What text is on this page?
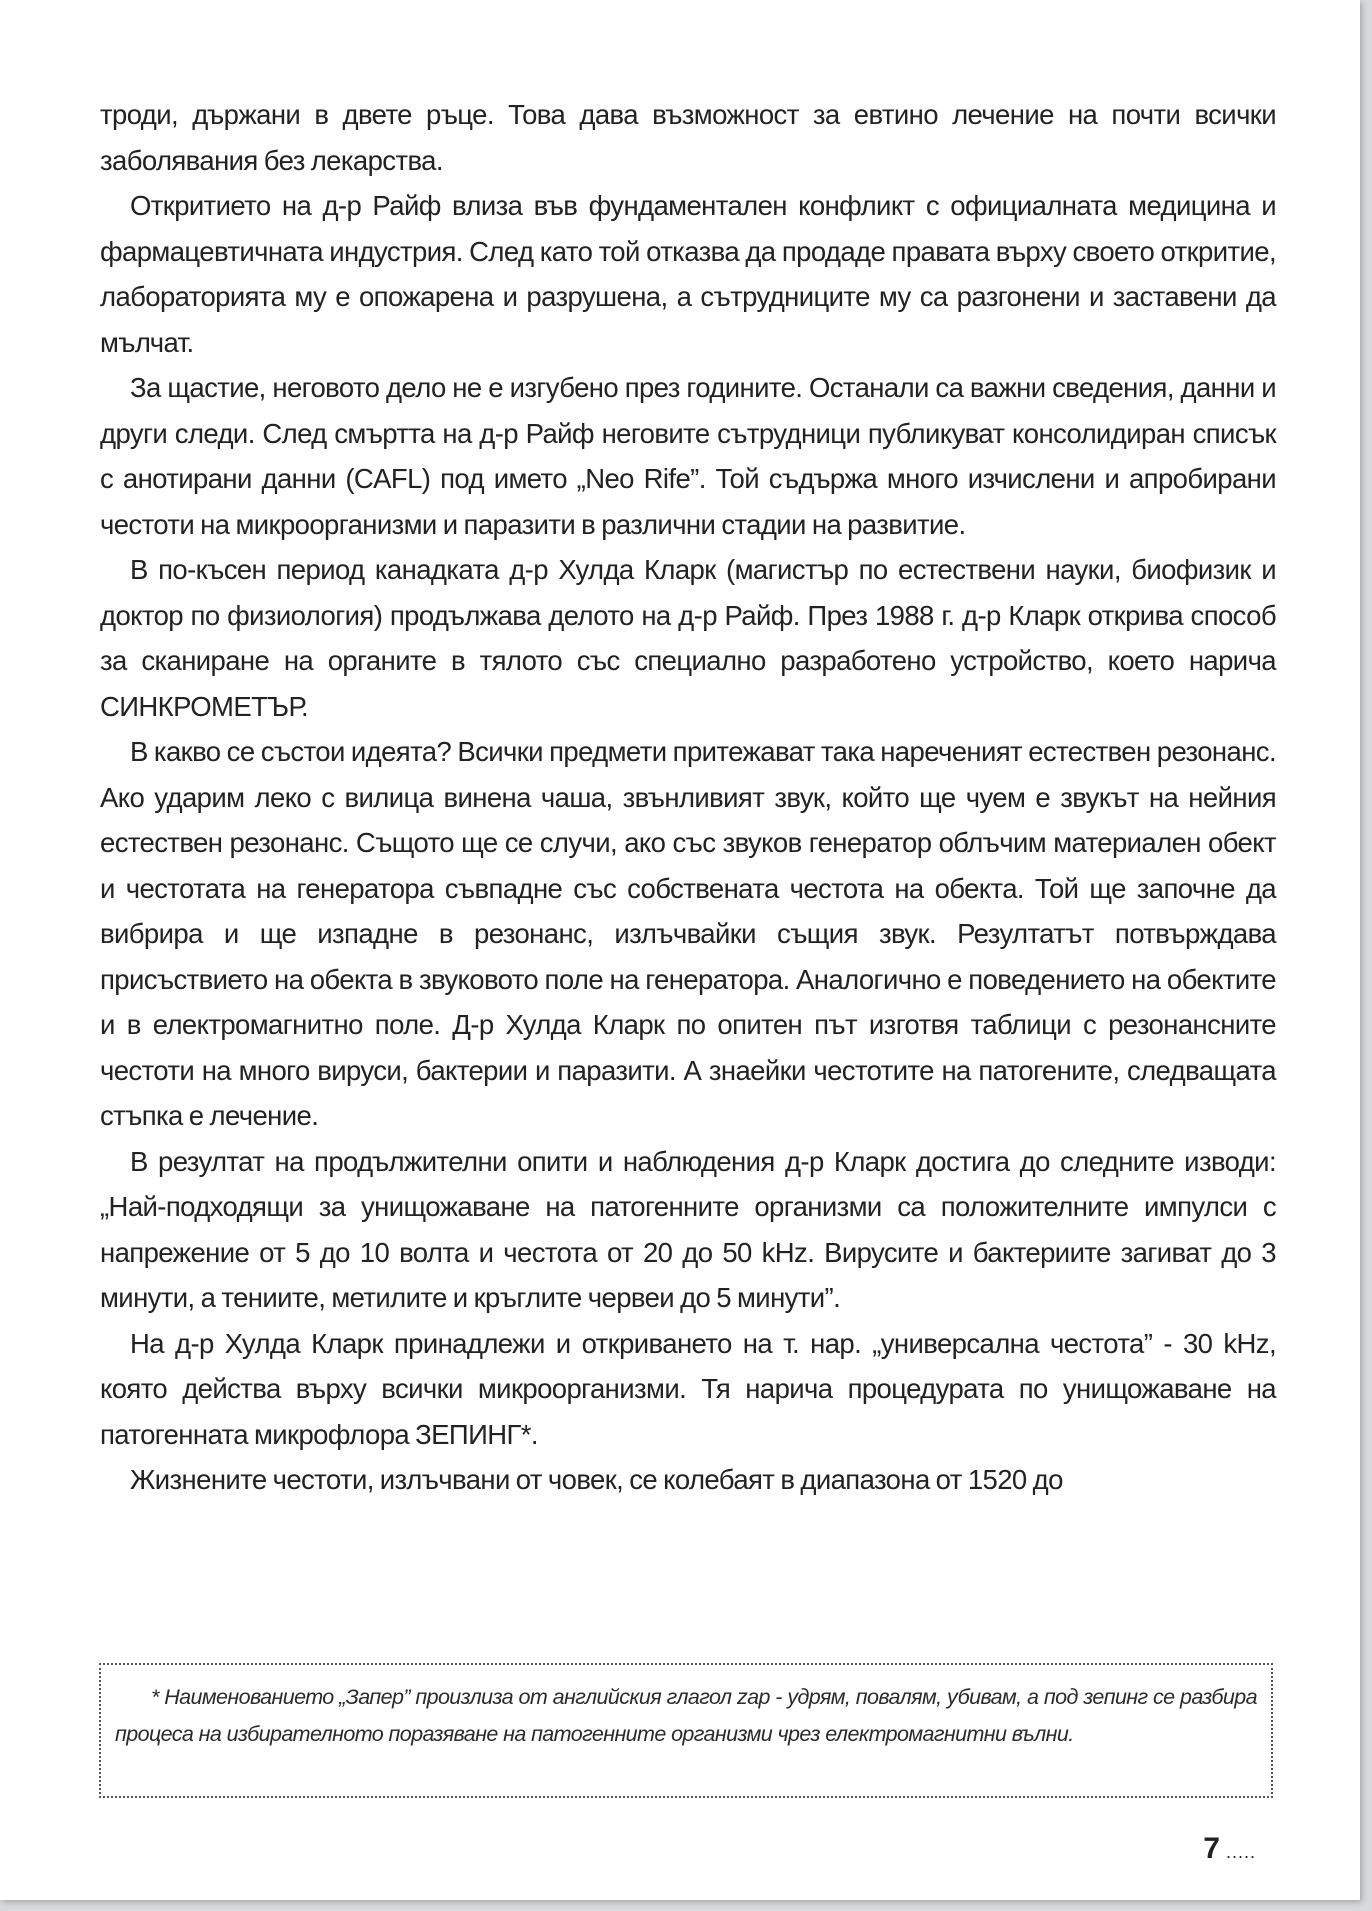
троди, държани в двете ръце. Това дава възможност за евтино лечение на почти всички заболявания без лекарства.

Откритието на д-р Райф влиза във фундаментален конфликт с официалната медицина и фармацевтичната индустрия. След като той отказва да продаде правата върху своето откритие, лабораторията му е опожарена и разрушена, а сътрудниците му са разгонени и заставени да мълчат.

За щастие, неговото дело не е изгубено през годините. Останали са важни сведения, данни и други следи. След смъртта на д-р Райф неговите сътрудници публикуват консолидиран списък с анотирани данни (CAFL) под името „Neo Rife”. Той съдържа много изчислени и апробирани честоти на микроорганизми и паразити в различни стадии на развитие.

В по-късен период канадката д-р Хулда Кларк (магистър по естествени науки, биофизик и доктор по физиология) продължава делото на д-р Райф. През 1988 г. д-р Кларк открива способ за сканиране на органите в тялото със специално разработено устройство, което нарича СИНКРОМЕТЪР.

В какво се състои идеята? Всички предмети притежават така нареченият естествен резонанс. Ако ударим леко с вилица винена чаша, звънливият звук, който ще чуем е звукът на нейния естествен резонанс. Същото ще се случи, ако със звуков генератор облъчим материален обект и честотата на генератора съвпадне със собствената честота на обекта. Той ще започне да вибрира и ще изпадне в резонанс, излъчвайки същия звук. Резултатът потвърждава присъствието на обекта в звуковото поле на генератора. Аналогично е поведението на обектите и в електромагнитно поле. Д-р Хулда Кларк по опитен път изготвя таблици с резонансните честоти на много вируси, бактерии и паразити. А знаейки честотите на патогените, следващата стъпка е лечение.

В резултат на продължителни опити и наблюдения д-р Кларк достига до следните изводи: „Най-подходящи за унищожаване на патогенните организми са положителните импулси с напрежение от 5 до 10 волта и честота от 20 до 50 kHz. Вирусите и бактериите загиват до 3 минути, а тениите, метилите и кръглите червеи до 5 минути”.

На д-р Хулда Кларк принадлежи и откриването на т. нар. „универсална честота” - 30 kHz, която действа върху всички микроорганизми. Тя нарича процедурата по унищожаване на патогенната микрофлора ЗЕПИНГ*.

Жизнените честоти, излъчвани от човек, се колебаят в диапазона от 1520 до

7 .....

* Наименованието „Запер” произлиза от английския глагол zap - удрям, повалям, убивам, а под зепинг се разбира процеса на избирателното поразяване на патогенните организми чрез електромагнитни вълни.
